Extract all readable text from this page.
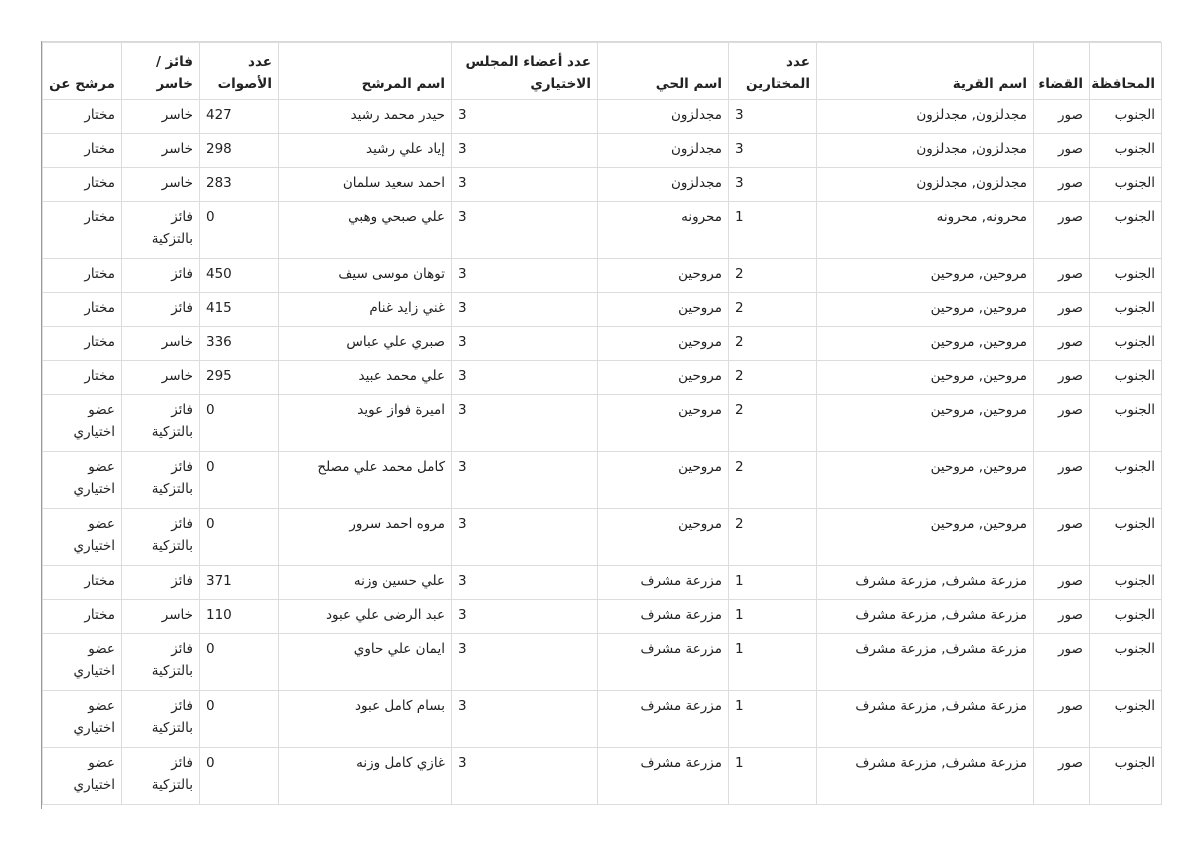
المحافظة	القضاء	اسم القرية	عدد المختارين	اسم الحي	عدد أعضاء المجلس الاختياري	اسم المرشح	عدد الأصوات	فائز / خاسر	مرشح عن
الجنوب	صور	مجدلزون, مجدلزون	3	مجدلزون	3	حيدر محمد رشيد	427	خاسر	مختار
الجنوب	صور	مجدلزون, مجدلزون	3	مجدلزون	3	إياد علي رشيد	298	خاسر	مختار
الجنوب	صور	مجدلزون, مجدلزون	3	مجدلزون	3	احمد سعيد سلمان	283	خاسر	مختار
الجنوب	صور	محرونه, محرونه	1	محرونه	3	علي صبحي وهبي	0	فائز بالتزكية	مختار
الجنوب	صور	مروحين, مروحين	2	مروحين	3	توهان موسى سيف	450	فائز	مختار
الجنوب	صور	مروحين, مروحين	2	مروحين	3	غني زايد غنام	415	فائز	مختار
الجنوب	صور	مروحين, مروحين	2	مروحين	3	صبري علي عباس	336	خاسر	مختار
الجنوب	صور	مروحين, مروحين	2	مروحين	3	علي محمد عبيد	295	خاسر	مختار
الجنوب	صور	مروحين, مروحين	2	مروحين	3	اميرة فواز عويد	0	فائز بالتزكية	عضو اختياري
الجنوب	صور	مروحين, مروحين	2	مروحين	3	كامل محمد علي مصلح	0	فائز بالتزكية	عضو اختياري
الجنوب	صور	مروحين, مروحين	2	مروحين	3	مروه احمد سرور	0	فائز بالتزكية	عضو اختياري
الجنوب	صور	مزرعة مشرف, مزرعة مشرف	1	مزرعة مشرف	3	علي حسين وزنه	371	فائز	مختار
الجنوب	صور	مزرعة مشرف, مزرعة مشرف	1	مزرعة مشرف	3	عبد الرضى علي عبود	110	خاسر	مختار
الجنوب	صور	مزرعة مشرف, مزرعة مشرف	1	مزرعة مشرف	3	ايمان علي حاوي	0	فائز بالتزكية	عضو اختياري
الجنوب	صور	مزرعة مشرف, مزرعة مشرف	1	مزرعة مشرف	3	بسام كامل عبود	0	فائز بالتزكية	عضو اختياري
الجنوب	صور	مزرعة مشرف, مزرعة مشرف	1	مزرعة مشرف	3	غازي كامل وزنه	0	فائز بالتزكية	عضو اختياري
